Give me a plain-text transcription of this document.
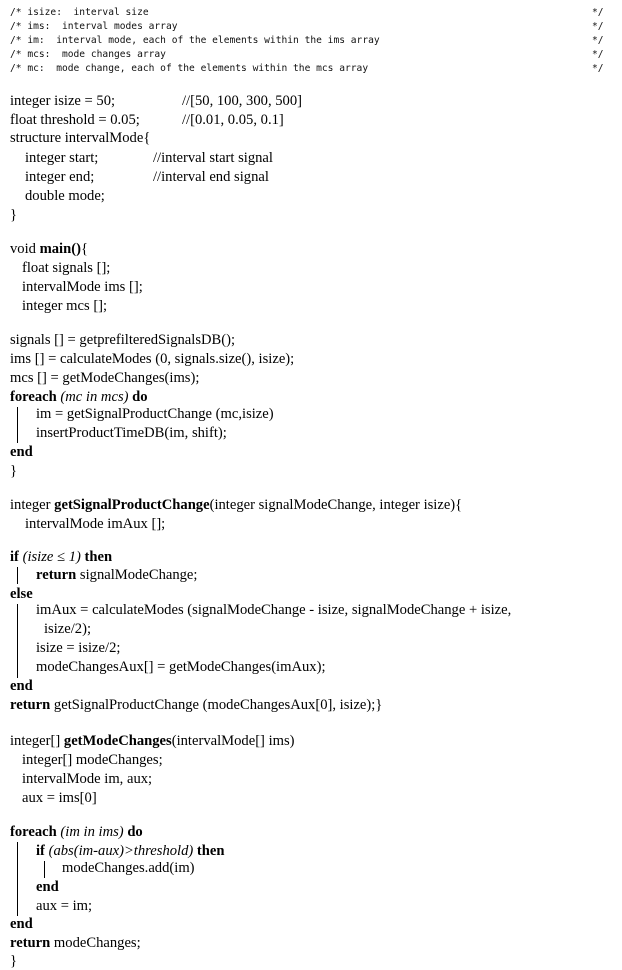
/* isize:  interval size	*/
/* ims:  interval modes array	*/
/* im:  interval mode, each of the elements within the ims array	*/
/* mcs:  mode changes array	*/
/* mc:  mode change, each of the elements within the mcs array	*/
integer isize = 50;	//[50, 100, 300, 500]
float threshold = 0.05;	//[0.01, 0.05, 0.1]
structure intervalMode{
integer start;	//interval start signal
integer end;	//interval end signal
double mode;
}
void main(){
float signals [];
intervalMode ims [];
integer mcs [];
signals [] = getprefilteredSignalsDB();
ims [] = calculateModes (0, signals.size(), isize);
mcs [] = getModeChanges(ims);
foreach (mc in mcs) do
im = getSignalProductChange (mc,isize)
insertProductTimeDB(im, shift);
end
}
integer getSignalProductChange(integer signalModeChange, integer isize){
intervalMode imAux [];
if (isize ≤ 1) then
return signalModeChange;
else
imAux = calculateModes (signalModeChange - isize, signalModeChange + isize,
isize/2);
isize = isize/2;
modeChangesAux[] = getModeChanges(imAux);
end
return getSignalProductChange (modeChangesAux[0], isize);}
integer[] getModeChanges(intervalMode[] ims)
integer[] modeChanges;
intervalMode im, aux;
aux = ims[0]
foreach (im in ims) do
if (abs(im-aux)>threshold) then
modeChanges.add(im)
end
aux = im;
end
return modeChanges;
}
